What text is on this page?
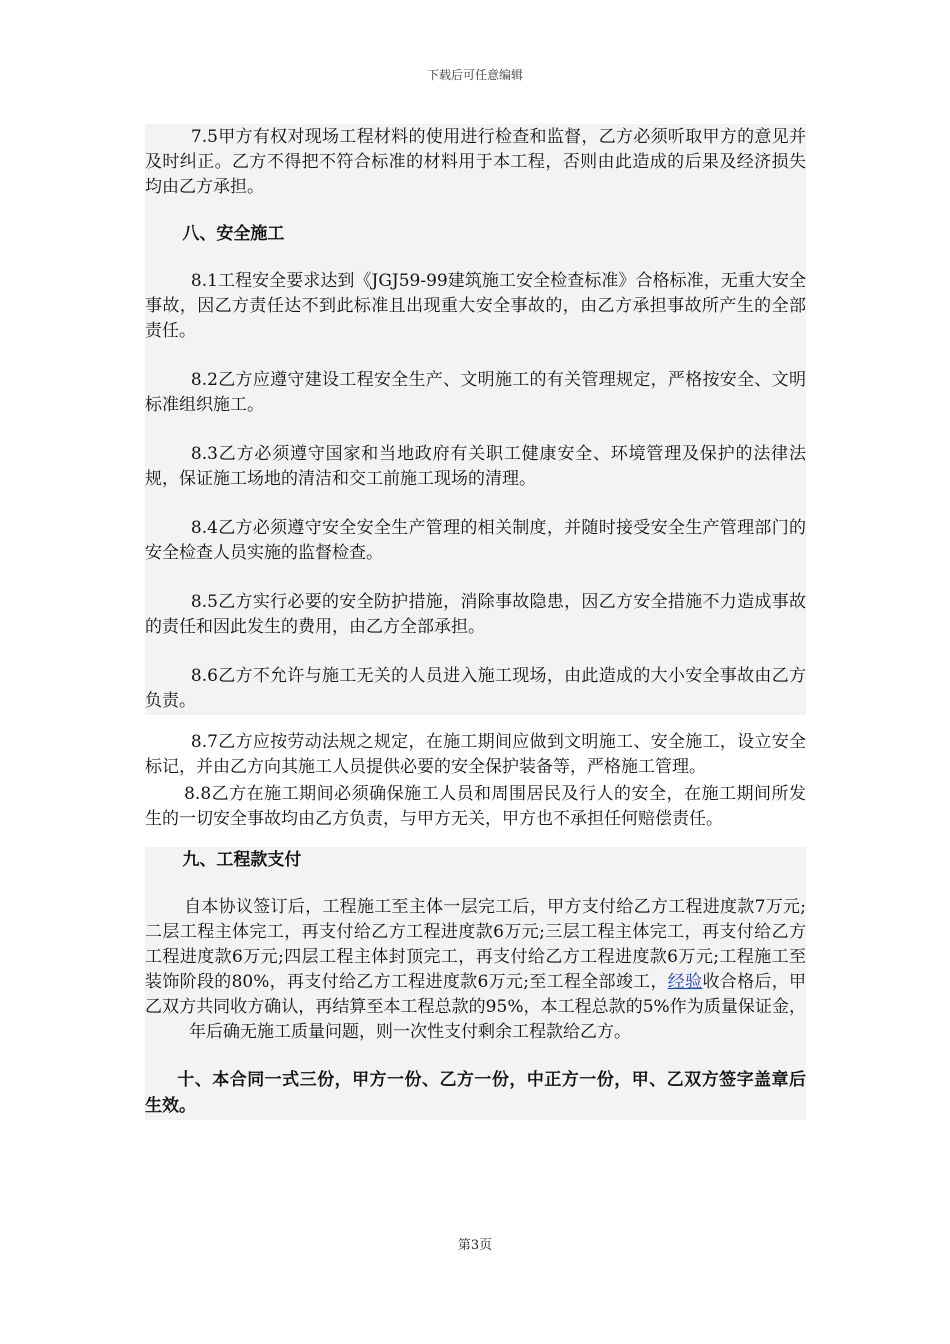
下载后可任意编辑
7.5甲方有权对现场工程材料的使用进行检查和监督，乙方必须听取甲方的意见并及时纠正。乙方不得把不符合标准的材料用于本工程，否则由此造成的后果及经济损失均由乙方承担。
八、安全施工
8.1工程安全要求达到《JGJ59-99建筑施工安全检查标准》合格标准，无重大安全事故，因乙方责任达不到此标准且出现重大安全事故的，由乙方承担事故所产生的全部责任。
8.2乙方应遵守建设工程安全生产、文明施工的有关管理规定，严格按安全、文明标准组织施工。
8.3乙方必须遵守国家和当地政府有关职工健康安全、环境管理及保护的法律法规，保证施工场地的清洁和交工前施工现场的清理。
8.4乙方必须遵守安全安全生产管理的相关制度，并随时接受安全生产管理部门的安全检查人员实施的监督检查。
8.5乙方实行必要的安全防护措施，消除事故隐患，因乙方安全措施不力造成事故的责任和因此发生的费用，由乙方全部承担。
8.6乙方不允许与施工无关的人员进入施工现场，由此造成的大小安全事故由乙方负责。
8.7乙方应按劳动法规之规定，在施工期间应做到文明施工、安全施工，设立安全标记，并由乙方向其施工人员提供必要的安全保护装备等，严格施工管理。
8.8乙方在施工期间必须确保施工人员和周围居民及行人的安全，在施工期间所发生的一切安全事故均由乙方负责，与甲方无关，甲方也不承担任何赔偿责任。
九、工程款支付
自本协议签订后，工程施工至主体一层完工后，甲方支付给乙方工程进度款7万元;二层工程主体完工，再支付给乙方工程进度款6万元;三层工程主体完工，再支付给乙方工程进度款6万元;四层工程主体封顶完工，再支付给乙方工程进度款6万元;工程施工至装饰阶段的80%，再支付给乙方工程进度款6万元;至工程全部竣工，经验收合格后，甲乙双方共同收方确认，再结算至本工程总款的95%，本工程总款的5%作为质量保证金，年后确无施工质量问题，则一次性支付剩余工程款给乙方。
十、本合同一式三份，甲方一份、乙方一份，中正方一份，甲、乙双方签字盖章后生效。
第3页
